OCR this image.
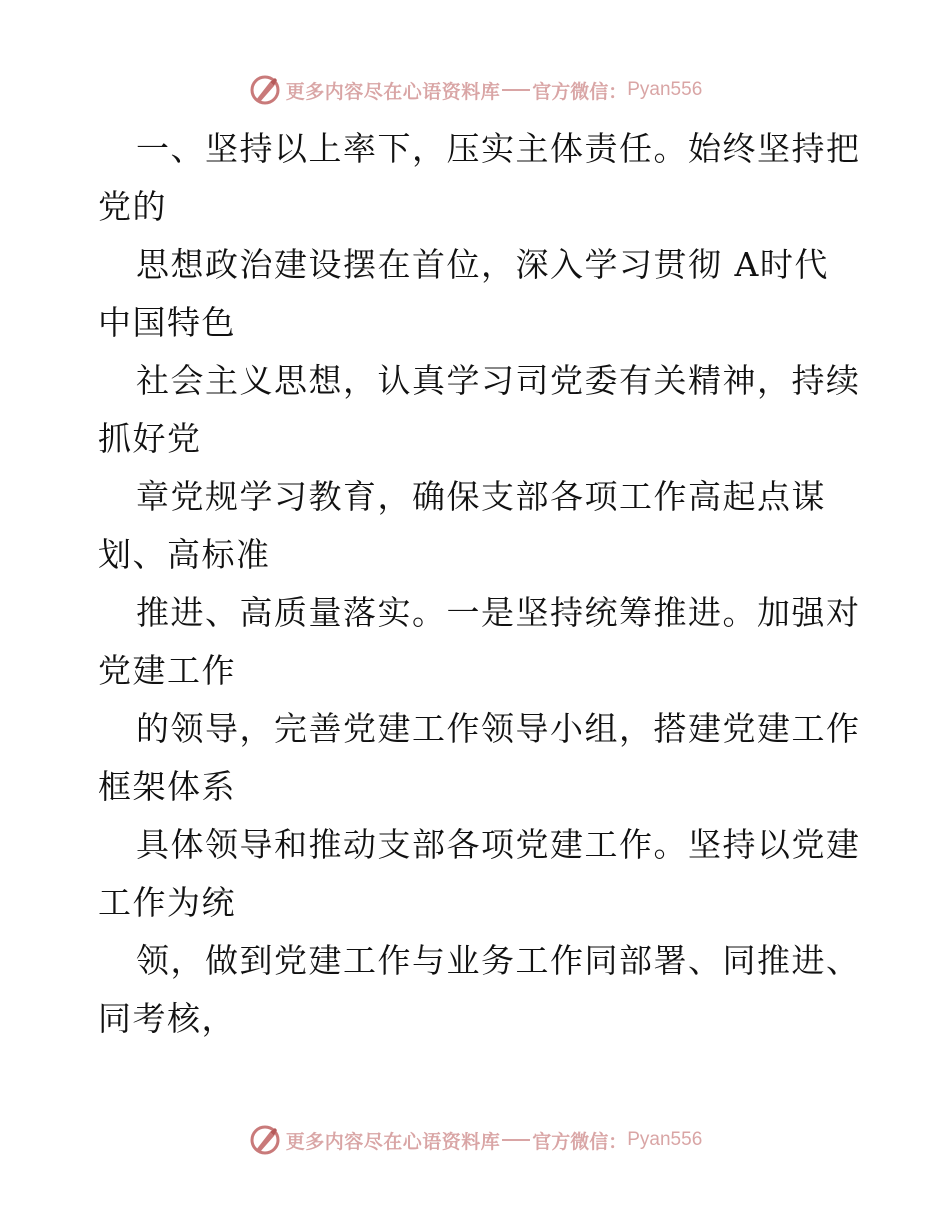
更多内容尽在心语资料库 官方微信： Pyan556

一、坚持以上率下，压实主体责任。始终坚持把
党的

思想政治建设摆在首位，深入学习贯彻 A时代
中国特色

社会主义思想，认真学习司党委有关精神，持续
抓好党

章党规学习教育，确保支部各项工作高起点谋
划、高标准

推进、高质量落实。一是坚持统筹推进。加强对
党建工作

的领导，完善党建工作领导小组，搭建党建工作
框架体系

具体领导和推动支部各项党建工作。坚持以党建
工作为统

领，做到党建工作与业务工作同部署、同推进、
同考核，

更多内容尽在心语资料库 官方微信： Pyan556
